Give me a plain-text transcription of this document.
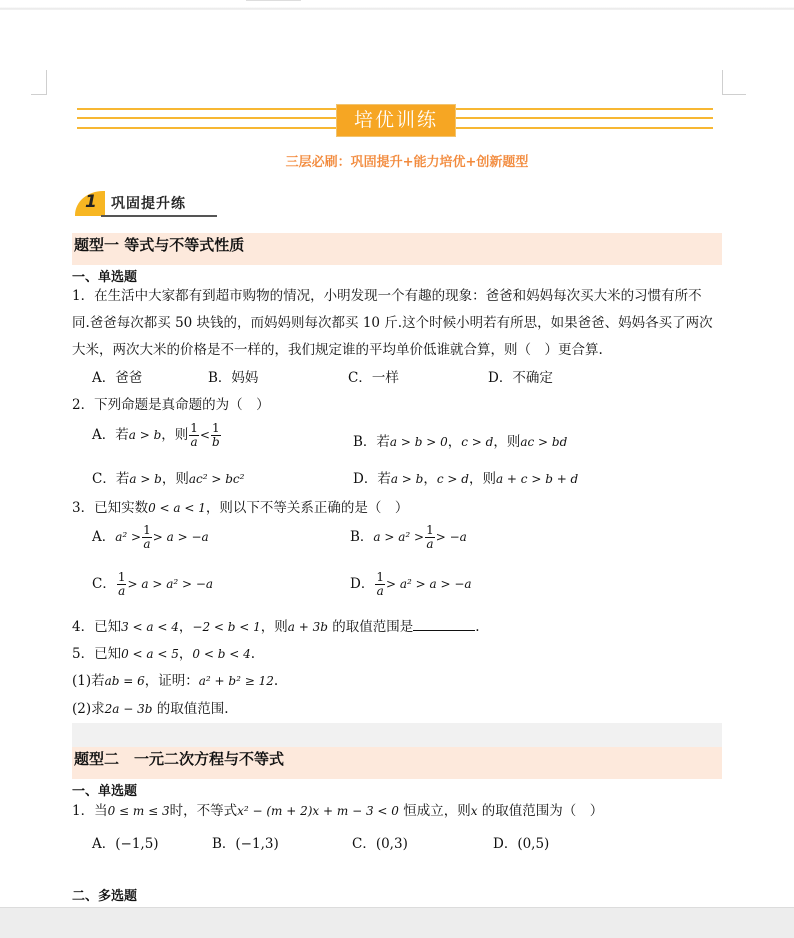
培优训练
三层必刷：巩固提升+能力培优+创新题型
1 巩固提升练
题型一 等式与不等式性质
一、单选题
1．在生活中大家都有到超市购物的情况，小明发现一个有趣的现象：爸爸和妈妈每次买大米的习惯有所不
同.爸爸每次都买 50 块钱的，而妈妈则每次都买 10 斤.这个时候小明若有所思，如果爸爸、妈妈各买了两次
大米，两次大米的价格是不一样的，我们规定谁的平均单价低谁就合算，则（　）更合算.
A．爸爸	B．妈妈	C．一样	D．不确定
2．下列命题是真命题的为（　）
A．若a > b，则 $\frac{1}{a} < \frac{1}{b}$	B．若a > b > 0，c > d，则ac > bd
C．若a > b，则ac² > bc²	D．若a > b，c > d，则a + c > b + d
3．已知实数0 < a < 1，则以下不等关系正确的是（　）
A．$a^2 > \frac{1}{a} > a > -a$	B．$a > a^2 > \frac{1}{a} > -a$
C． $\frac{1}{a} > a > a^2 > -a$	D． $\frac{1}{a} > a^2 > a > -a$
4．已知3 < a < 4，−2 < b < 1，则a + 3b 的取值范围是	.
5．已知0 < a < 5，0 < b < 4.
(1)若ab = 6，证明：a² + b² ≥ 12.
(2)求2a − 3b 的取值范围.
题型二　一元二次方程与不等式
一、单选题
1．当0 ≤ m ≤ 3时，不等式x² − (m + 2)x + m − 3 < 0 恒成立，则x 的取值范围为（　）
A．(−1,5)	B．(−1,3)	C．(0,3)	D．(0,5)
二、多选题
